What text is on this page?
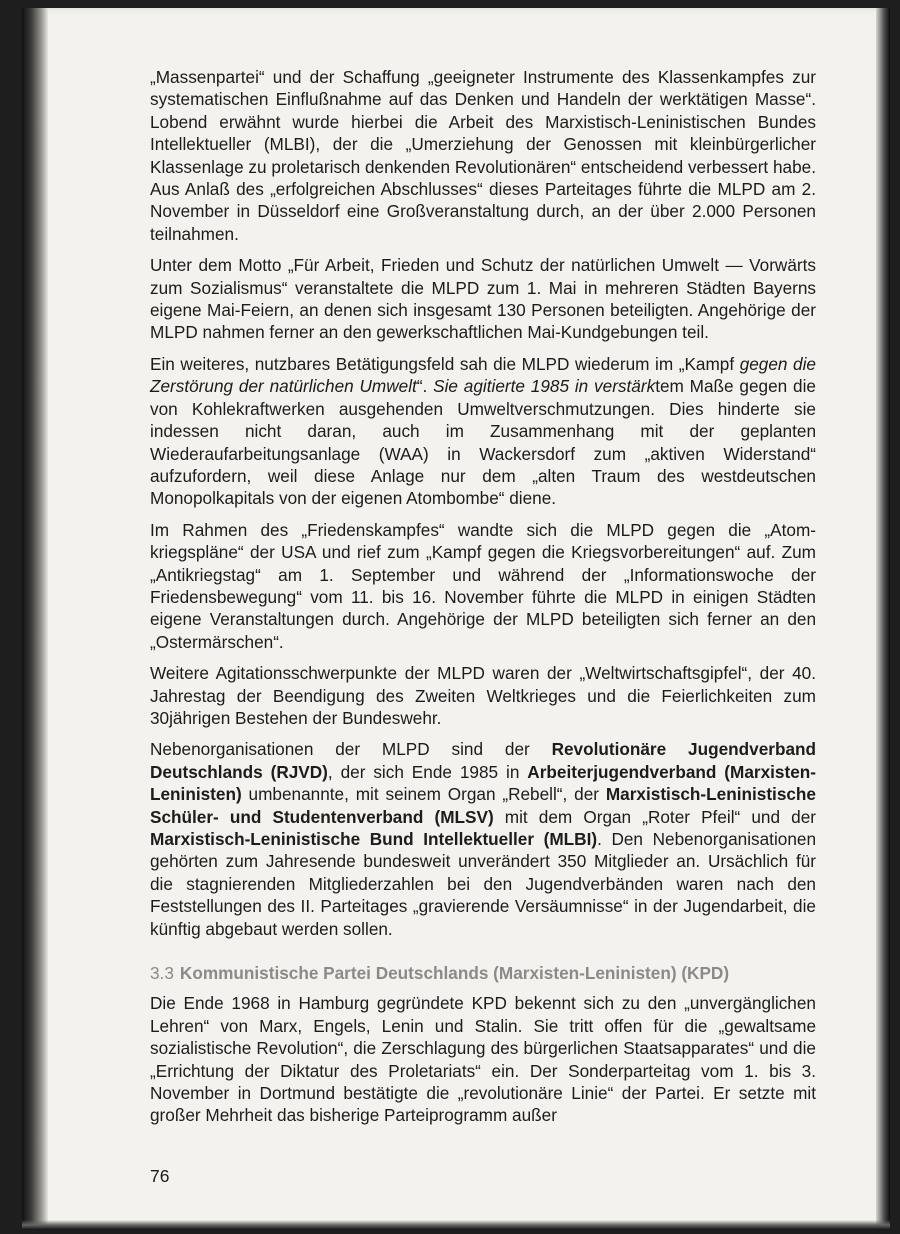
„Massenpartei“ und der Schaffung „geeigneter Instrumente des Klassenkampfes zur systematischen Einflußnahme auf das Denken und Handeln der werktätigen Masse“. Lobend erwähnt wurde hierbei die Arbeit des Marxistisch-Leninistischen Bundes Intellektueller (MLBI), der die „Umerziehung der Genossen mit kleinbürgerlicher Klassenlage zu proletarisch denkenden Revolutionären“ entscheidend verbessert habe. Aus Anlaß des „erfolgreichen Abschlusses“ dieses Parteitages führte die MLPD am 2. November in Düsseldorf eine Großveranstaltung durch, an der über 2.000 Personen teilnahmen.

Unter dem Motto „Für Arbeit, Frieden und Schutz der natürlichen Umwelt — Vorwärts zum Sozialismus“ veranstaltete die MLPD zum 1. Mai in mehreren Städten Bayerns eigene Mai-Feiern, an denen sich insgesamt 130 Personen beteiligten. Angehörige der MLPD nahmen ferner an den gewerkschaftlichen Mai-Kundgebungen teil.

Ein weiteres, nutzbares Betätigungsfeld sah die MLPD wiederum im „Kampf gegen die Zerstörung der natürlichen Umwelt“. Sie agitierte 1985 in verstärktem Maße gegen die von Kohlekraftwerken ausgehenden Umweltverschmutzungen. Dies hinderte sie indessen nicht daran, auch im Zusammenhang mit der geplanten Wiederaufarbeitungsanlage (WAA) in Wackersdorf zum „aktiven Widerstand“ aufzufordern, weil diese Anlage nur dem „alten Traum des westdeutschen Monopolkapitals von der eigenen Atombombe“ diene.

Im Rahmen des „Friedenskampfes“ wandte sich die MLPD gegen die „Atomkriegspläne“ der USA und rief zum „Kampf gegen die Kriegsvorbereitungen“ auf. Zum „Antikriegstag“ am 1. September und während der „Informationswoche der Friedensbewegung“ vom 11. bis 16. November führte die MLPD in einigen Städten eigene Veranstaltungen durch. Angehörige der MLPD beteiligten sich ferner an den „Ostermärschen“.

Weitere Agitationsschwerpunkte der MLPD waren der „Weltwirtschaftsgipfel“, der 40. Jahrestag der Beendigung des Zweiten Weltkrieges und die Feierlichkeiten zum 30jährigen Bestehen der Bundeswehr.

Nebenorganisationen der MLPD sind der Revolutionäre Jugendverband Deutschlands (RJVD), der sich Ende 1985 in Arbeiterjugendverband (Marxisten-Leninisten) umbenannte, mit seinem Organ „Rebell“, der Marxistisch-Leninistische Schüler- und Studentenverband (MLSV) mit dem Organ „Roter Pfeil“ und der Marxistisch-Leninistische Bund Intellektueller (MLBI). Den Nebenorganisationen gehörten zum Jahresende bundesweit unverändert 350 Mitglieder an. Ursächlich für die stagnierenden Mitgliederzahlen bei den Jugendverbänden waren nach den Feststellungen des II. Parteitages „gravierende Versäumnisse“ in der Jugendarbeit, die künftig abgebaut werden sollen.

3.3 Kommunistische Partei Deutschlands (Marxisten-Leninisten) (KPD)

Die Ende 1968 in Hamburg gegründete KPD bekennt sich zu den „unvergänglichen Lehren“ von Marx, Engels, Lenin und Stalin. Sie tritt offen für die „gewaltsame sozialistische Revolution“, die Zerschlagung des bürgerlichen Staatsapparates“ und die „Errichtung der Diktatur des Proletariats“ ein. Der Sonderparteitag vom 1. bis 3. November in Dortmund bestätigte die „revolutionäre Linie“ der Partei. Er setzte mit großer Mehrheit das bisherige Parteiprogramm außer

76
